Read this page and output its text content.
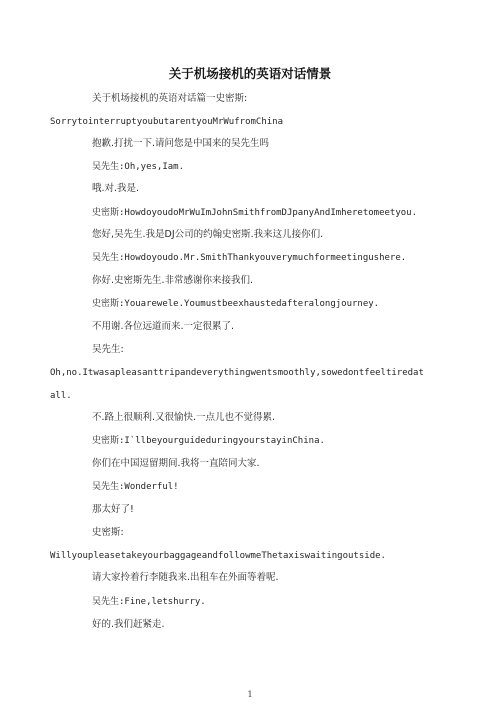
关于机场接机的英语对话情景
关于机场接机的英语对话篇一史密斯:
SorrytointerruptyoubutarentyouMrWufromChina
抱歉.打扰一下.请问您是中国来的吴先生吗
吴先生:Oh,yes,Iam.
哦.对.我是.
史密斯:HowdoyoudoMrWuImJohnSmithfromDJpanyAndImheretomeetyou.
您好,吴先生.我是DJ公司的约翰史密斯.我来这儿接你们.
吴先生:Howdoyoudo.Mr.SmithThankyouverymuchformeetingushere.
你好.史密斯先生.非常感谢你来接我们.
史密斯:Youarewele.Youmustbeexhaustedafteralongjourney.
不用谢.各位远道而来.一定很累了.
吴先生:
Oh,no.Itwasapleasanttripandeverythingwentsmoothly,sowedontfeeltiredat
all.
不.路上很顺利.又很愉快.一点儿也不觉得累.
史密斯:I`llbeyourguideduringyourstayinChina.
你们在中国逗留期间.我将一直陪同大家.
吴先生:Wonderful!
那太好了!
史密斯:
WillyoupleasetakeyourbaggageandfollowmeThetaxiswaitingoutside.
请大家拎着行李随我来.出租车在外面等着呢.
吴先生:Fine,letshurry.
好的.我们赶紧走.
1
